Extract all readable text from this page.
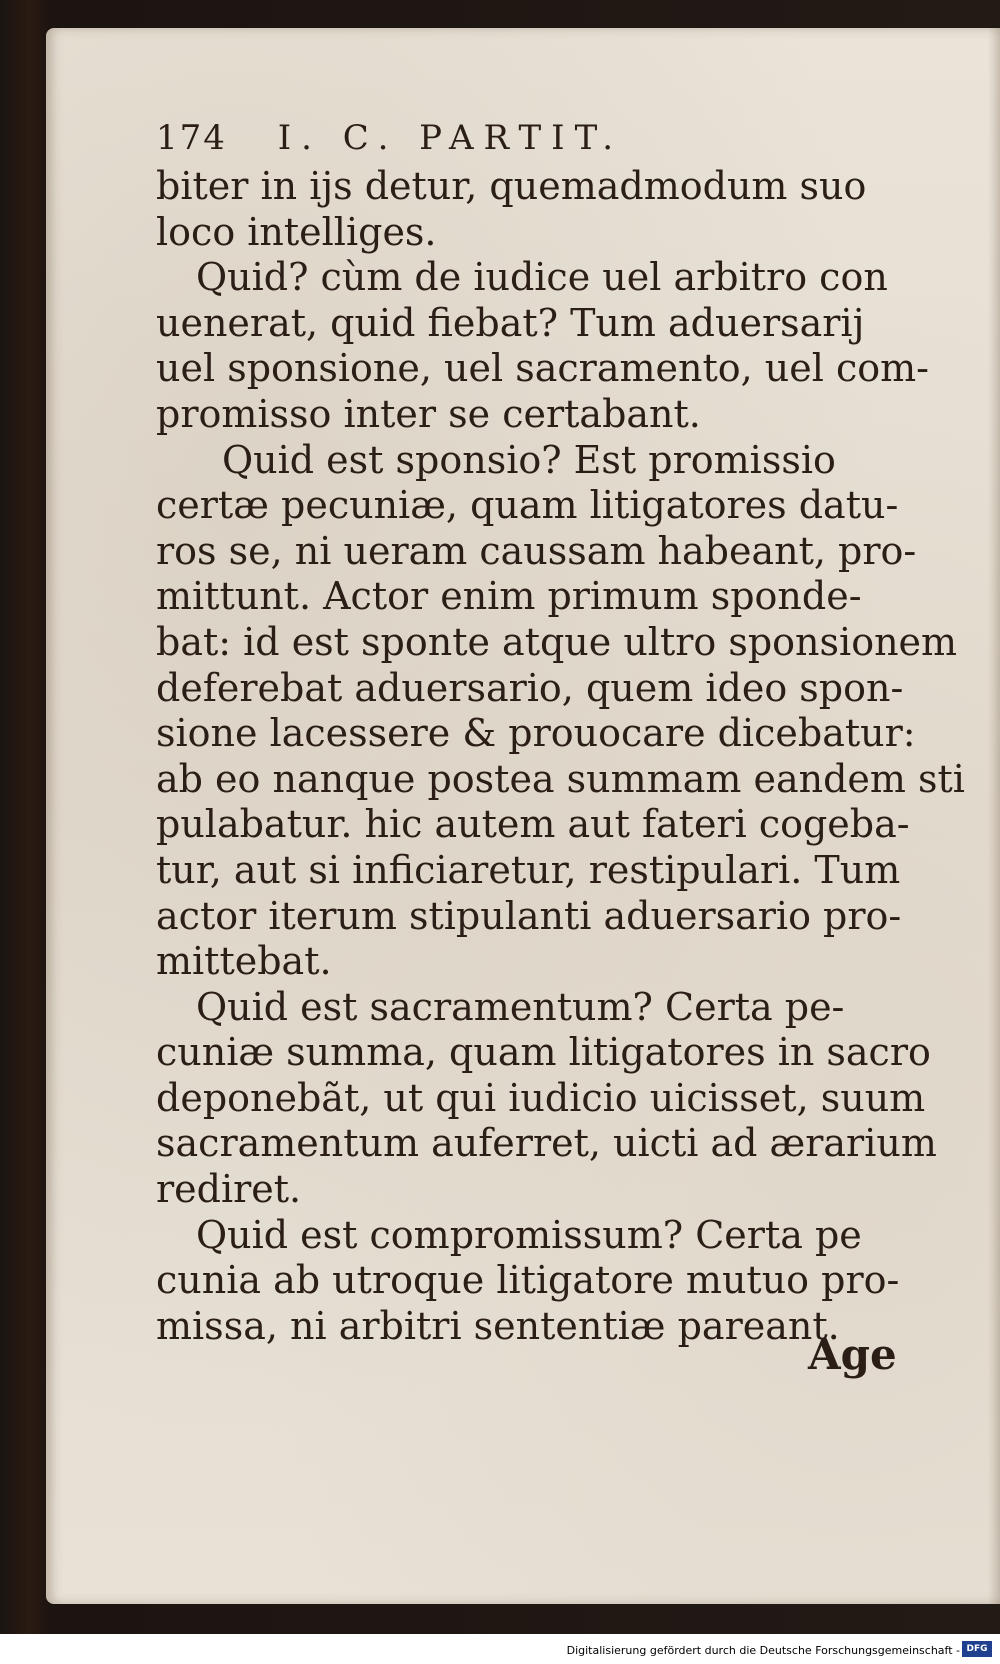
174 I. C. PARTIT.
biter in ijs detur, quemadmodum suo
loco intelliges.
Quid? cùm de iudice uel arbitro con
uenerat, quid fiebat? Tum aduersarij
uel sponsione, uel sacramento, uel com-
promisso inter se certabant.
Quid est sponsio? Est promissio
certæ pecuniæ, quam litigatores datu-
ros se, ni ueram caussam habeant, pro-
mittunt. Actor enim primum sponde-
bat: id est sponte atque ultro sponsionem
deferebat aduersario, quem ideo spon-
sione lacessere & prouocare dicebatur:
ab eo nanque postea summam eandem sti
pulabatur. hic autem aut fateri cogeba-
tur, aut si inficiaretur, restipulari. Tum
actor iterum stipulanti aduersario pro-
mittebat.
Quid est sacramentum? Certa pe-
cuniæ summa, quam litigatores in sacro
deponebãt, ut qui iudicio uicisset, suum
sacramentum auferret, uicti ad ærarium
rediret.
Quid est compromissum? Certa pe
cunia ab utroque litigatore mutuo pro-
missa, ni arbitri sententiæ pareant.
Age
Digitalisierung gefördert durch die Deutsche Forschungsgemeinschaft - DFG
